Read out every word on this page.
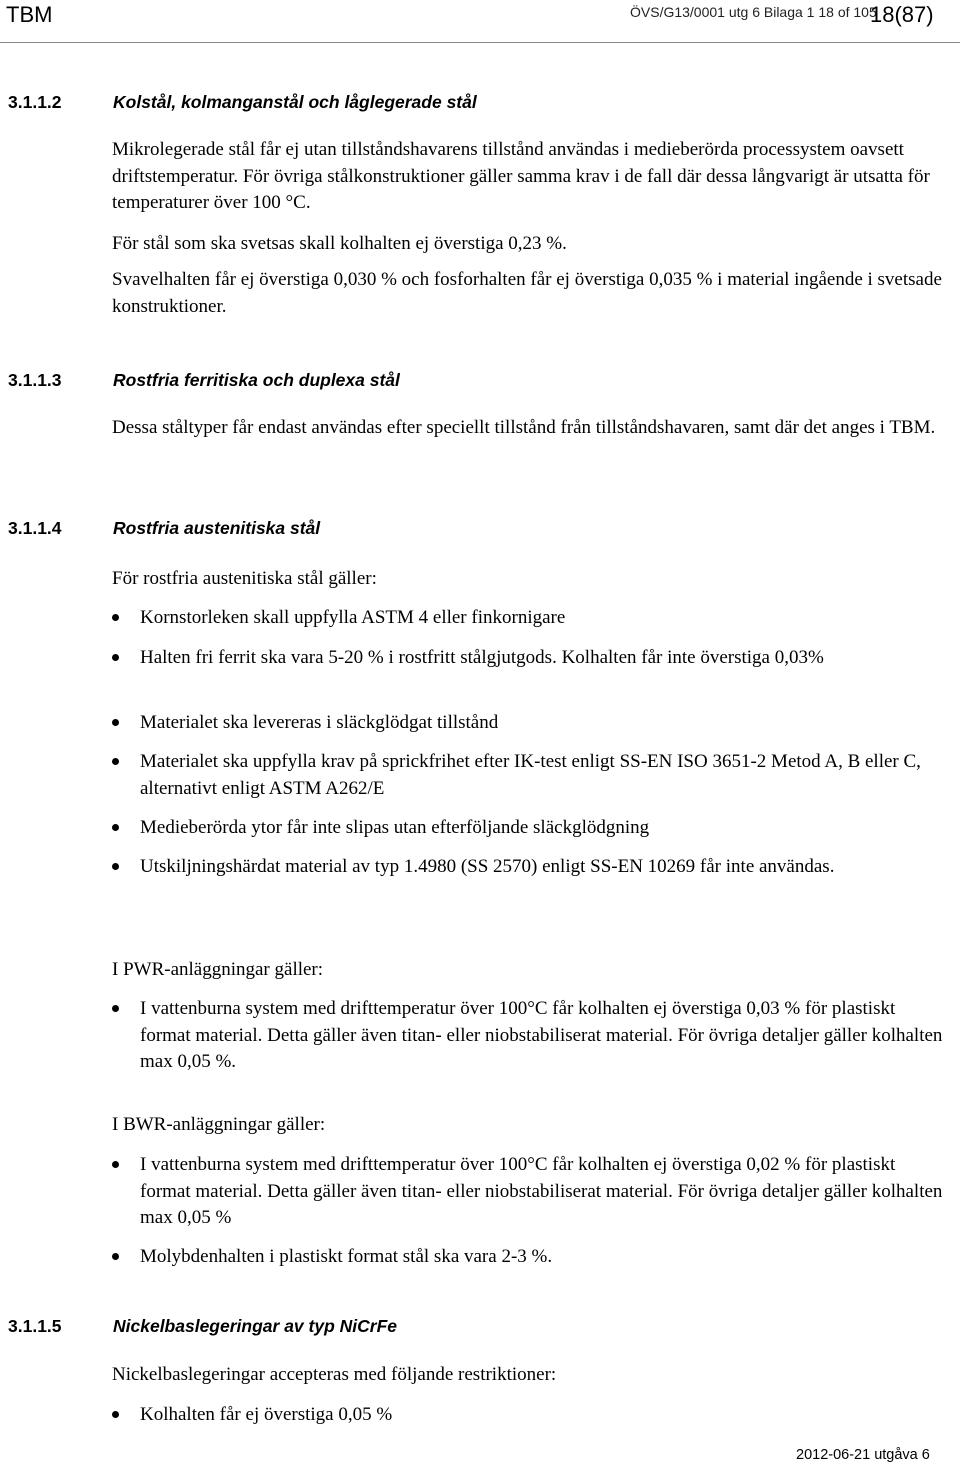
TBM	ÖVS/G13/0001 utg 6 Bilaga 1 18 of 105
18(87)
3.1.1.2	Kolstål, kolmanganstål och låglegerade stål

Mikrolegerade stål får ej utan tillståndshavarens tillstånd användas i medieberörda processystem oavsett driftstemperatur. För övriga stålkonstruktioner gäller samma krav i de fall där dessa långvarigt är utsatta för temperaturer över 100 °C.

För stål som ska svetsas skall kolhalten ej överstiga 0,23 %.

Svavelhalten får ej överstiga 0,030 % och fosforhalten får ej överstiga 0,035 % i material ingående i svetsade konstruktioner.

3.1.1.3	Rostfria ferritiska och duplexa stål

Dessa ståltyper får endast användas efter speciellt tillstånd från tillståndshavaren, samt där det anges i TBM.

3.1.1.4	Rostfria austenitiska stål

För rostfria austenitiska stål gäller:

Kornstorleken skall uppfylla ASTM 4 eller finkornigare

Halten fri ferrit ska vara 5-20 % i rostfritt stålgjutgods. Kolhalten får inte överstiga 0,03%

Materialet ska levereras i släckglödgat tillstånd

Materialet ska uppfylla krav på sprickfrihet efter IK-test enligt SS-EN ISO 3651-2 Metod A, B eller C, alternativt enligt ASTM A262/E

Medieberörda ytor får inte slipas utan efterföljande släckglödgning

Utskiljningshärdat material av typ 1.4980 (SS 2570) enligt SS-EN 10269 får inte användas.

I PWR-anläggningar gäller:

I vattenburna system med drifttemperatur över 100°C får kolhalten ej överstiga 0,03 % för plastiskt format material. Detta gäller även titan- eller niobstabiliserat material. För övriga detaljer gäller kolhalten max 0,05 %.

I BWR-anläggningar gäller:

I vattenburna system med drifttemperatur över 100°C får kolhalten ej överstiga 0,02 % för plastiskt format material. Detta gäller även titan- eller niobstabiliserat material. För övriga detaljer gäller kolhalten max 0,05 %

Molybdenhalten i plastiskt format stål ska vara 2-3 %.

3.1.1.5	Nickelbaslegeringar av typ NiCrFe

Nickelbaslegeringar accepteras med följande restriktioner:

Kolhalten får ej överstiga 0,05 %

2012-06-21 utgåva 6
